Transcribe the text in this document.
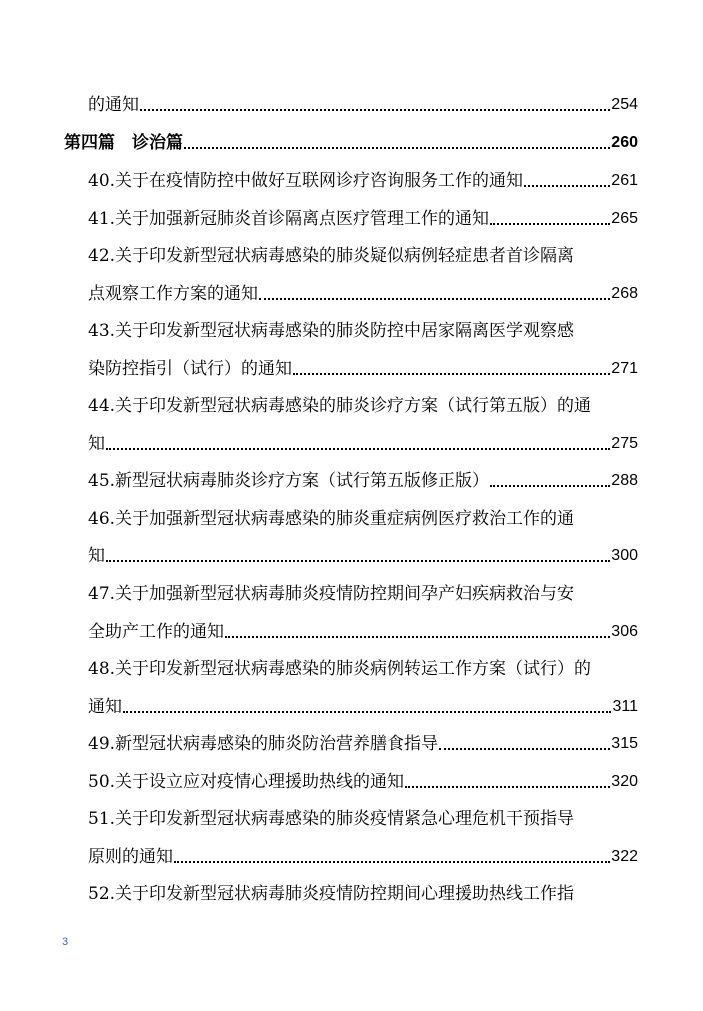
的通知	254
第四篇　诊治篇	260
40.关于在疫情防控中做好互联网诊疗咨询服务工作的通知	261
41.关于加强新冠肺炎首诊隔离点医疗管理工作的通知	265
42.关于印发新型冠状病毒感染的肺炎疑似病例轻症患者首诊隔离
点观察工作方案的通知	268
43.关于印发新型冠状病毒感染的肺炎防控中居家隔离医学观察感
染防控指引（试行）的通知	271
44.关于印发新型冠状病毒感染的肺炎诊疗方案（试行第五版）的通
知	275
45.新型冠状病毒肺炎诊疗方案（试行第五版修正版）	288
46.关于加强新型冠状病毒感染的肺炎重症病例医疗救治工作的通
知	300
47.关于加强新型冠状病毒肺炎疫情防控期间孕产妇疾病救治与安
全助产工作的通知	306
48.关于印发新型冠状病毒感染的肺炎病例转运工作方案（试行）的
通知	311
49.新型冠状病毒感染的肺炎防治营养膳食指导	315
50.关于设立应对疫情心理援助热线的通知	320
51.关于印发新型冠状病毒感染的肺炎疫情紧急心理危机干预指导
原则的通知	322
52.关于印发新型冠状病毒肺炎疫情防控期间心理援助热线工作指
3
